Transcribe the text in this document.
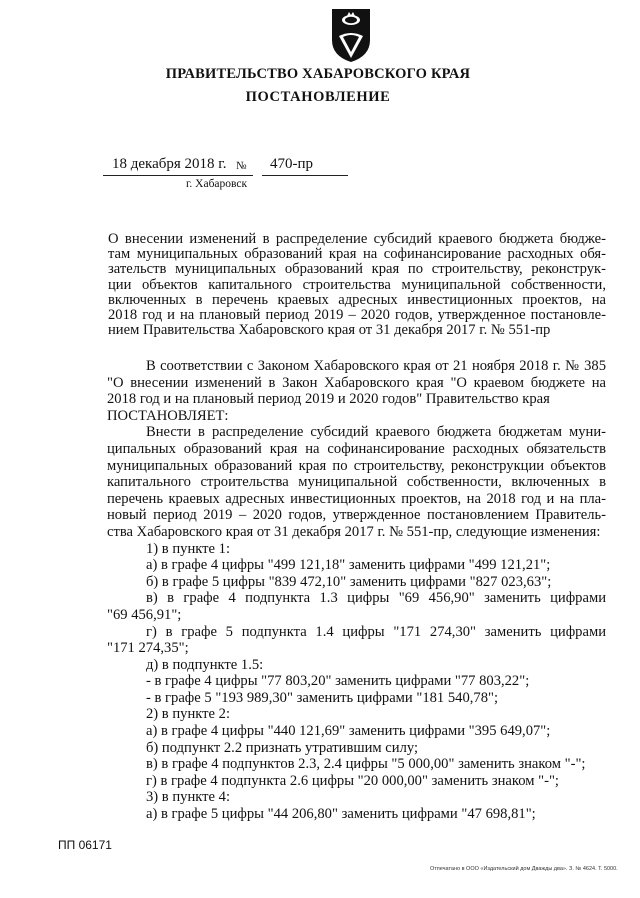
ПРАВИТЕЛЬСТВО ХАБАРОВСКОГО КРАЯ
ПОСТАНОВЛЕНИЕ
18 декабря 2018 г. № 470-пр
г. Хабаровск
О внесении изменений в распределение субсидий краевого бюджета бюдже-
там муниципальных образований края на софинансирование расходных обя-
зательств муниципальных образований края по строительству, реконструк-
ции объектов капитального строительства муниципальной собственности,
включенных в перечень краевых адресных инвестиционных проектов, на
2018 год и на плановый период 2019 – 2020 годов, утвержденное постановле-
нием Правительства Хабаровского края от 31 декабря 2017 г. № 551-пр
В соответствии с Законом Хабаровского края от 21 ноября 2018 г. № 385
"О внесении изменений в Закон Хабаровского края "О краевом бюджете на
2018 год и на плановый период 2019 и 2020 годов" Правительство края
ПОСТАНОВЛЯЕТ:
Внести в распределение субсидий краевого бюджета бюджетам муни-
ципальных образований края на софинансирование расходных обязательств
муниципальных образований края по строительству, реконструкции объектов
капитального строительства муниципальной собственности, включенных в
перечень краевых адресных инвестиционных проектов, на 2018 год и на пла-
новый период 2019 – 2020 годов, утвержденное постановлением Правитель-
ства Хабаровского края от 31 декабря 2017 г. № 551-пр, следующие изменения:
1) в пункте 1:
а) в графе 4 цифры "499 121,18" заменить цифрами "499 121,21";
б) в графе 5 цифры "839 472,10" заменить цифрами "827 023,63";
в) в графе 4 подпункта 1.3 цифры "69 456,90" заменить цифрами
"69 456,91";
г) в графе 5 подпункта 1.4 цифры "171 274,30" заменить цифрами
"171 274,35";
д) в подпункте 1.5:
- в графе 4 цифры "77 803,20" заменить цифрами "77 803,22";
- в графе 5 "193 989,30" заменить цифрами "181 540,78";
2) в пункте 2:
а) в графе 4 цифры "440 121,69" заменить цифрами "395 649,07";
б) подпункт 2.2 признать утратившим силу;
в) в графе 4 подпунктов 2.3, 2.4 цифры "5 000,00" заменить знаком "-";
г) в графе 4 подпункта 2.6 цифры "20 000,00" заменить знаком "-";
3) в пункте 4:
а) в графе 5 цифры "44 206,80" заменить цифрами "47 698,81";
ПП 06171
Отпечатано в ООО «Издательский дом Дважды два». З. № 4624. Т. 5000.
